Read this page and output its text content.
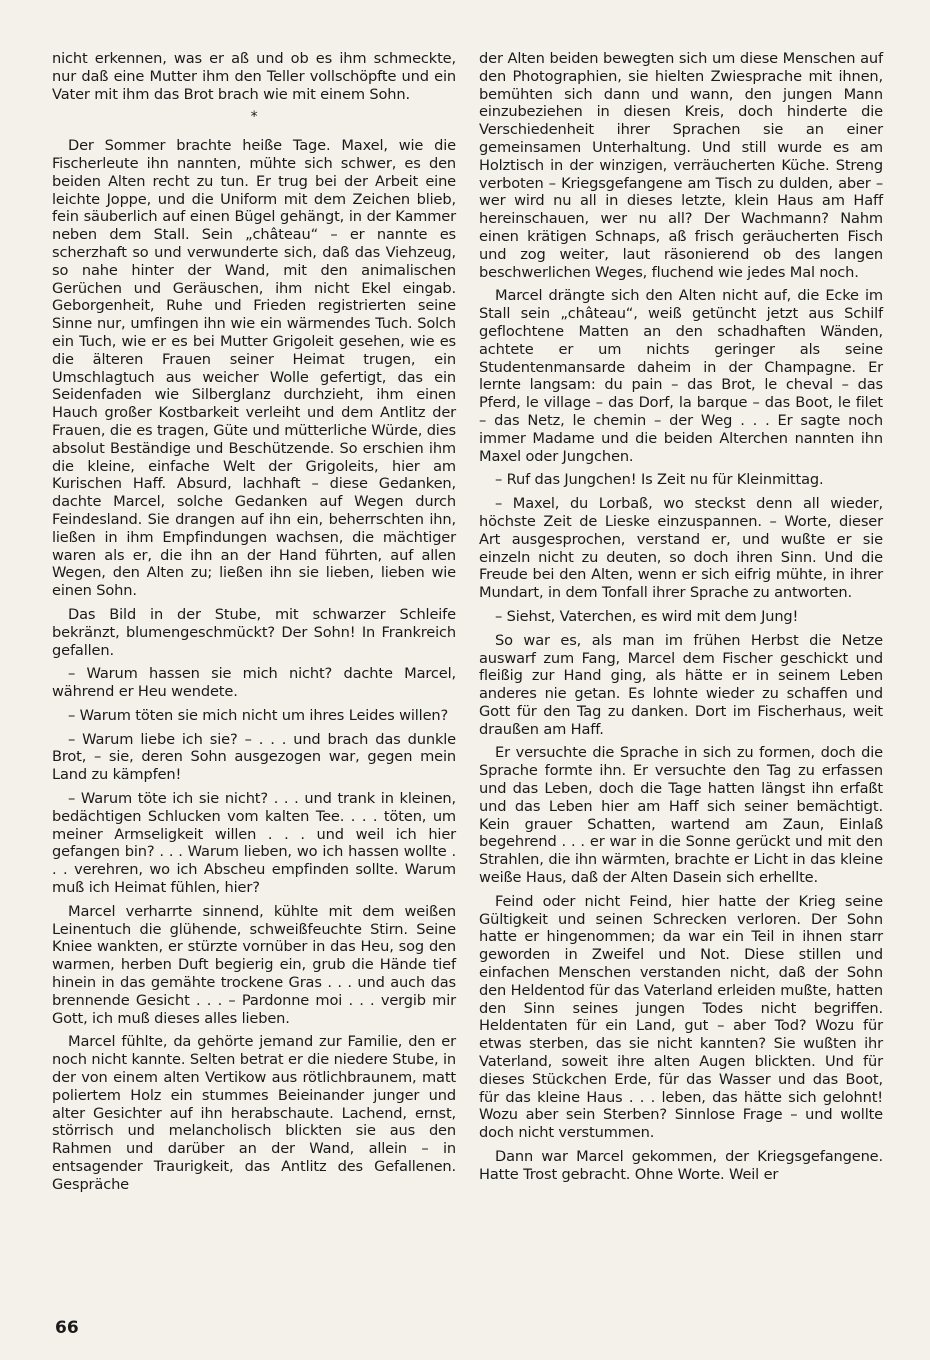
nicht erkennen, was er aß und ob es ihm schmeckte, nur daß eine Mutter ihm den Teller vollschöpfte und ein Vater mit ihm das Brot brach wie mit einem Sohn.

*

Der Sommer brachte heiße Tage. Maxel, wie die Fischerleute ihn nannten, mühte sich schwer, es den beiden Alten recht zu tun. Er trug bei der Arbeit eine leichte Joppe, und die Uniform mit dem Zeichen blieb, fein säuberlich auf einen Bügel gehängt, in der Kammer neben dem Stall. Sein „château“ – er nannte es scherzhaft so und verwunderte sich, daß das Viehzeug, so nahe hinter der Wand, mit den animalischen Gerüchen und Geräuschen, ihm nicht Ekel eingab. Geborgenheit, Ruhe und Frieden registrierten seine Sinne nur, umfingen ihn wie ein wärmendes Tuch. Solch ein Tuch, wie er es bei Mutter Grigoleit gesehen, wie es die älteren Frauen seiner Heimat trugen, ein Umschlagtuch aus weicher Wolle gefertigt, das ein Seidenfaden wie Silberglanz durchzieht, ihm einen Hauch großer Kostbarkeit verleiht und dem Antlitz der Frauen, die es tragen, Güte und mütterliche Würde, dies absolut Beständige und Beschützende. So erschien ihm die kleine, einfache Welt der Grigoleits, hier am Kurischen Haff. Absurd, lachhaft – diese Gedanken, dachte Marcel, solche Gedanken auf Wegen durch Feindesland. Sie drangen auf ihn ein, beherrschten ihn, ließen in ihm Empfindungen wachsen, die mächtiger waren als er, die ihn an der Hand führten, auf allen Wegen, den Alten zu; ließen ihn sie lieben, lieben wie einen Sohn.

Das Bild in der Stube, mit schwarzer Schleife bekränzt, blumengeschmückt? Der Sohn! In Frankreich gefallen.

– Warum hassen sie mich nicht? dachte Marcel, während er Heu wendete.

– Warum töten sie mich nicht um ihres Leides willen?

– Warum liebe ich sie? – . . . und brach das dunkle Brot, – sie, deren Sohn ausgezogen war, gegen mein Land zu kämpfen!

– Warum töte ich sie nicht? . . . und trank in kleinen, bedächtigen Schlucken vom kalten Tee. . . . töten, um meiner Armseligkeit willen . . . und weil ich hier gefangen bin? . . . Warum lieben, wo ich hassen wollte . . . verehren, wo ich Abscheu empfinden sollte. Warum muß ich Heimat fühlen, hier?

Marcel verharrte sinnend, kühlte mit dem weißen Leinentuch die glühende, schweißfeuchte Stirn. Seine Kniee wankten, er stürzte vornüber in das Heu, sog den warmen, herben Duft begierig ein, grub die Hände tief hinein in das gemähte trockene Gras . . . und auch das brennende Gesicht . . . – Pardonne moi . . . vergib mir Gott, ich muß dieses alles lieben.

Marcel fühlte, da gehörte jemand zur Familie, den er noch nicht kannte. Selten betrat er die niedere Stube, in der von einem alten Vertikow aus rötlichbraunem, matt poliertem Holz ein stummes Beieinander junger und alter Gesichter auf ihn herabschaute. Lachend, ernst, störrisch und melancholisch blickten sie aus den Rahmen und darüber an der Wand, allein – in entsagender Traurigkeit, das Antlitz des Gefallenen. Gespräche

der Alten beiden bewegten sich um diese Menschen auf den Photographien, sie hielten Zwiesprache mit ihnen, bemühten sich dann und wann, den jungen Mann einzubeziehen in diesen Kreis, doch hinderte die Verschiedenheit ihrer Sprachen sie an einer gemeinsamen Unterhaltung. Und still wurde es am Holztisch in der winzigen, verräucherten Küche. Streng verboten – Kriegsgefangene am Tisch zu dulden, aber – wer wird nu all in dieses letzte, klein Haus am Haff hereinschauen, wer nu all? Der Wachmann? Nahm einen krätigen Schnaps, aß frisch geräucherten Fisch und zog weiter, laut räsonierend ob des langen beschwerlichen Weges, fluchend wie jedes Mal noch.

Marcel drängte sich den Alten nicht auf, die Ecke im Stall sein „château“, weiß getüncht jetzt aus Schilf geflochtene Matten an den schadhaften Wänden, achtete er um nichts geringer als seine Studentenmansarde daheim in der Champagne. Er lernte langsam: du pain – das Brot, le cheval – das Pferd, le village – das Dorf, la barque – das Boot, le filet – das Netz, le chemin – der Weg . . . Er sagte noch immer Madame und die beiden Alterchen nannten ihn Maxel oder Jungchen.

– Ruf das Jungchen! Is Zeit nu für Kleinmittag.

– Maxel, du Lorbaß, wo steckst denn all wieder, höchste Zeit de Lieske einzuspannen. – Worte, dieser Art ausgesprochen, verstand er, und wußte er sie einzeln nicht zu deuten, so doch ihren Sinn. Und die Freude bei den Alten, wenn er sich eifrig mühte, in ihrer Mundart, in dem Tonfall ihrer Sprache zu antworten.

– Siehst, Vaterchen, es wird mit dem Jung!

So war es, als man im frühen Herbst die Netze auswarf zum Fang, Marcel dem Fischer geschickt und fleißig zur Hand ging, als hätte er in seinem Leben anderes nie getan. Es lohnte wieder zu schaffen und Gott für den Tag zu danken. Dort im Fischerhaus, weit draußen am Haff.

Er versuchte die Sprache in sich zu formen, doch die Sprache formte ihn. Er versuchte den Tag zu erfassen und das Leben, doch die Tage hatten längst ihn erfaßt und das Leben hier am Haff sich seiner bemächtigt. Kein grauer Schatten, wartend am Zaun, Einlaß begehrend . . . er war in die Sonne gerückt und mit den Strahlen, die ihn wärmten, brachte er Licht in das kleine weiße Haus, daß der Alten Dasein sich erhellte.

Feind oder nicht Feind, hier hatte der Krieg seine Gültigkeit und seinen Schrecken verloren. Der Sohn hatte er hingenommen; da war ein Teil in ihnen starr geworden in Zweifel und Not. Diese stillen und einfachen Menschen verstanden nicht, daß der Sohn den Heldentod für das Vaterland erleiden mußte, hatten den Sinn seines jungen Todes nicht begriffen. Heldentaten für ein Land, gut – aber Tod? Wozu für etwas sterben, das sie nicht kannten? Sie wußten ihr Vaterland, soweit ihre alten Augen blickten. Und für dieses Stückchen Erde, für das Wasser und das Boot, für das kleine Haus . . . leben, das hätte sich gelohnt! Wozu aber sein Sterben? Sinnlose Frage – und wollte doch nicht verstummen.

Dann war Marcel gekommen, der Kriegsgefangene. Hatte Trost gebracht. Ohne Worte. Weil er

66
